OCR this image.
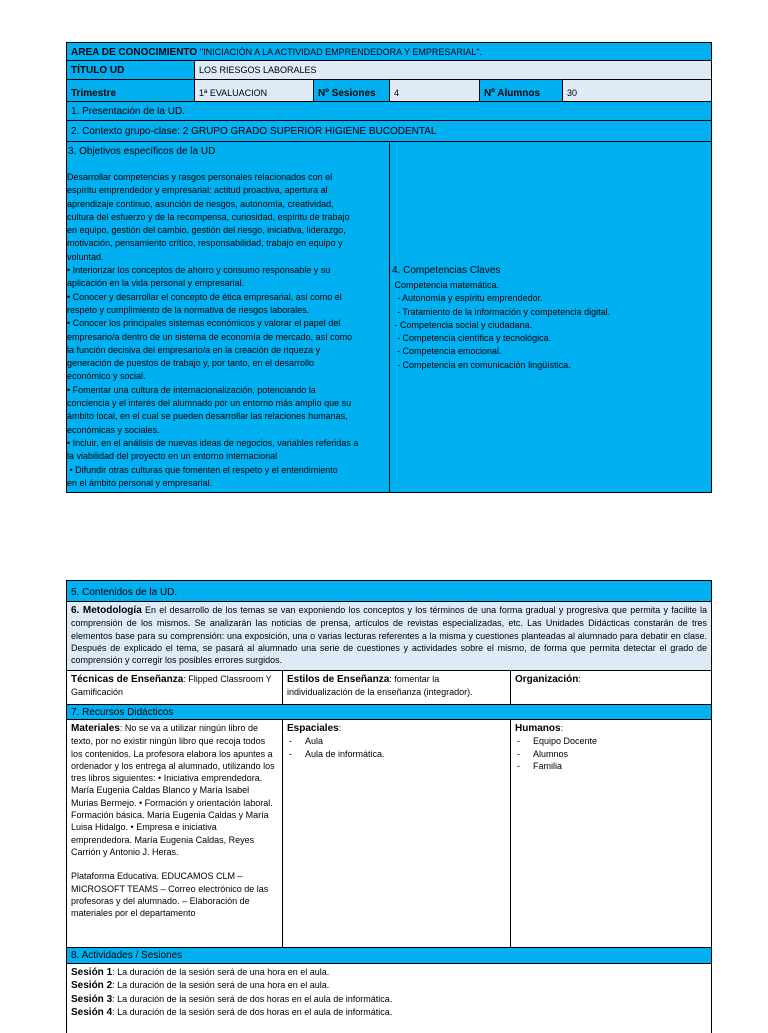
AREA DE CONOCIMIENTO "INICIACIÓN A LA ACTIVIDAD EMPRENDEDORA Y EMPRESARIAL".
TÍTULO UD	LOS RIESGOS LABORALES
Trimestre	1ª EVALUACION	Nº Sesiones	4	Nº Alumnos	30
1. Presentación de la UD.
2. Contexto grupo-clase: 2 GRUPO GRADO SUPERIOR HIGIENE BUCODENTAL
3. Objetivos específicos de la UD
Desarrollar competencias y rasgos personales relacionados con el
espíritu emprendedor y empresarial: actitud proactiva, apertura al
aprendizaje continuo, asunción de riesgos, autonomía, creatividad,
cultura del esfuerzo y de la recompensa, curiosidad, espíritu de trabajo
en equipo, gestión del cambio, gestión del riesgo, iniciativa, liderazgo,
motivación, pensamiento crítico, responsabilidad, trabajo en equipo y
voluntad.
• Interiorizar los conceptos de ahorro y consumo responsable y su
aplicación en la vida personal y empresarial.
• Conocer y desarrollar el concepto de ética empresarial, así como el
respeto y cumplimiento de la normativa de riesgos laborales.
• Conocer los principales sistemas económicos y valorar el papel del
empresario/a dentro de un sistema de economía de mercado, así como
la función decisiva del empresario/a en la creación de riqueza y
generación de puestos de trabajo y, por tanto, en el desarrollo
económico y social.
• Fomentar una cultura de internacionalización, potenciando la
conciencia y el interés del alumnado por un entorno más amplio que su
ámbito local, en el cual se pueden desarrollar las relaciones humanas,
económicas y sociales.
• Incluir, en el análisis de nuevas ideas de negocios, variables referidas a
la viabilidad del proyecto en un entorno internacional
• Difundir otras culturas que fomenten el respeto y el entendimiento
en el ámbito personal y empresarial.
4. Competencias Claves
Competencia matemática.
- Autonomía y espíritu emprendedor.
- Tratamiento de la información y competencia digital.
- Competencia social y ciudadana.
- Competencia científica y tecnológica.
- Competencia emocional.
- Competencia en comunicación lingüística.
5. Contenidos de la UD.

6. Metodología En el desarrollo de los temas se van exponiendo los conceptos y los términos de una forma gradual y progresiva que permita y facilite la comprensión de los mismos. Se analizarán las noticias de prensa, artículos de revistas especializadas, etc. Las Unidades Didácticas constarán de tres elementos base para su comprensión: una exposición, una o varias lecturas referentes a la misma y cuestiones planteadas al alumnado para debatir en clase. Después de explicado el tema, se pasará al alumnado una serie de cuestiones y actividades sobre el mismo, de forma que permita detectar el grado de comprensión y corregir los posibles errores surgidos.

Técnicas de Enseñanza: Flipped Classroom Y Gamificación
Estilos de Enseñanza: fomentar la individualización de la enseñanza (integrador).
Organización:
7. Recursos Didácticos

Materiales: No se va a utilizar ningún libro de texto, por no existir ningún libro que recoja todos los contenidos. La profesora elabora los apuntes a ordenador y los entrega al alumnado, utilizando los tres libros siguientes: • Iniciativa emprendedora. María Eugenia Caldas Blanco y María Isabel Murias Bermejo. • Formación y orientación laboral. Formación básica. María Eugenia Caldas y María Luisa Hidalgo. • Empresa e iniciativa emprendedora. María Eugenia Caldas, Reyes Carrión y Antonio J. Heras.

Plataforma Educativa. EDUCAMOS CLM ‒ MICROSOFT TEAMS ‒ Correo electrónico de las profesoras y del alumnado. ‒ Elaboración de materiales por el departamento

Espaciales:
- Aula
- Aula de informática.
Humanos:
- Equipo Docente
- Alumnos
- Familia
8. Actividades / Sesiones
Sesión 1: La duración de la sesión será de una hora en el aula.
Sesión 2: La duración de la sesión será de una hora en el aula.
Sesión 3: La duración de la sesión será de dos horas en el aula de informática.
Sesión 4: La duración de la sesión será de dos horas en el aula de informática.
